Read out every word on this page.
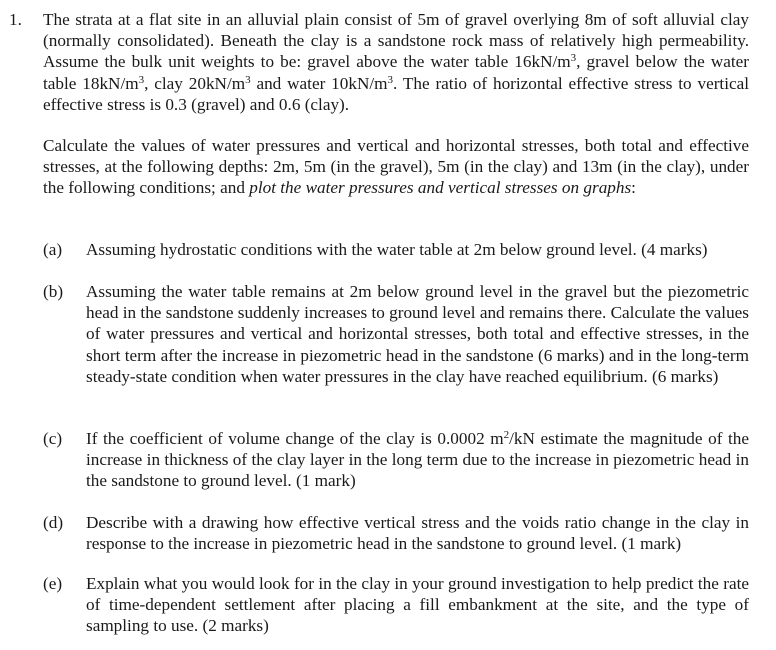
1. The strata at a flat site in an alluvial plain consist of 5m of gravel overlying 8m of soft alluvial clay (normally consolidated). Beneath the clay is a sandstone rock mass of relatively high permeability. Assume the bulk unit weights to be: gravel above the water table $16kN/m^3$, gravel below the water table $18kN/m^3$, clay $20kN/m^3$ and water $10kN/m^3$. The ratio of horizontal effective stress to vertical effective stress is 0.3 (gravel) and 0.6 (clay).
Calculate the values of water pressures and vertical and horizontal stresses, both total and effective stresses, at the following depths: 2m, 5m (in the gravel), 5m (in the clay) and 13m (in the clay), under the following conditions; and plot the water pressures and vertical stresses on graphs:
(a) Assuming hydrostatic conditions with the water table at 2m below ground level. (4 marks)
(b) Assuming the water table remains at 2m below ground level in the gravel but the piezometric head in the sandstone suddenly increases to ground level and remains there. Calculate the values of water pressures and vertical and horizontal stresses, both total and effective stresses, in the short term after the increase in piezometric head in the sandstone (6 marks) and in the long-term steady-state condition when water pressures in the clay have reached equilibrium. (6 marks)
(c) If the coefficient of volume change of the clay is 0.0002 $m^2/kN$ estimate the magnitude of the increase in thickness of the clay layer in the long term due to the increase in piezometric head in the sandstone to ground level. (1 mark)
(d) Describe with a drawing how effective vertical stress and the voids ratio change in the clay in response to the increase in piezometric head in the sandstone to ground level. (1 mark)
(e) Explain what you would look for in the clay in your ground investigation to help predict the rate of time-dependent settlement after placing a fill embankment at the site, and the type of sampling to use. (2 marks)
